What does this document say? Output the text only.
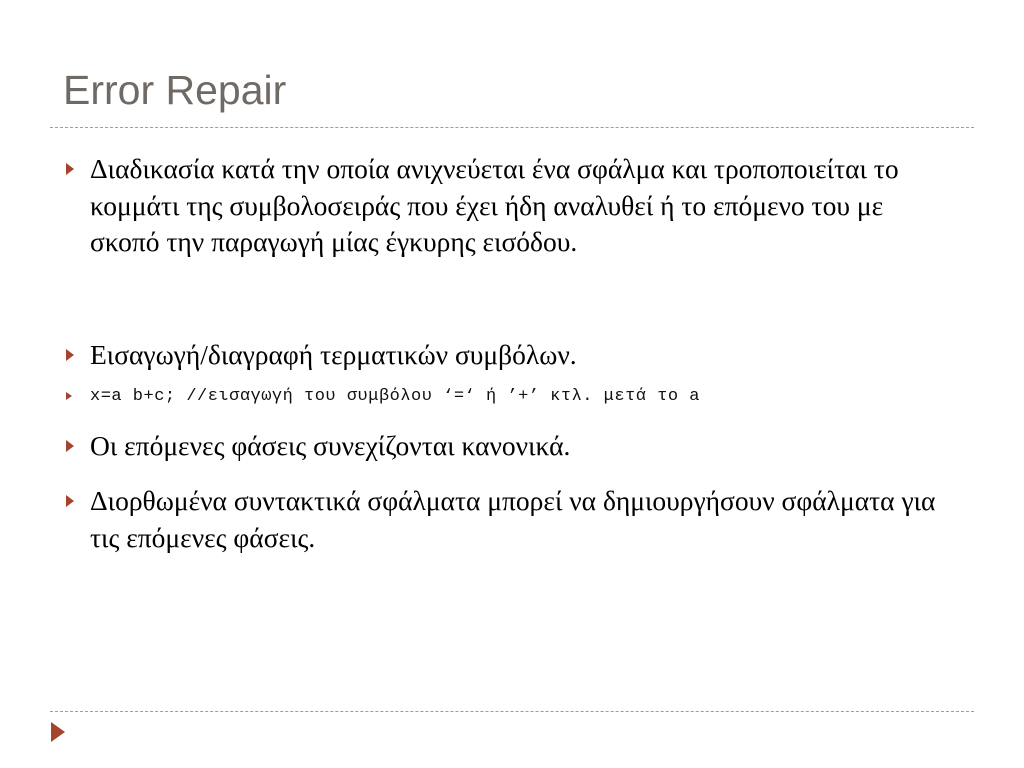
Error Repair
Διαδικασία κατά την οποία ανιχνεύεται ένα σφάλμα και τροποποιείται το κομμάτι της συμβολοσειράς που έχει ήδη αναλυθεί ή το επόμενο του με σκοπό την παραγωγή μίας έγκυρης εισόδου.
Εισαγωγή/διαγραφή τερματικών συμβόλων.
x=a b+c; //εισαγωγή του συμβόλου ‘=‘ ή ’+’ κτλ. μετά το a
Οι επόμενες φάσεις συνεχίζονται κανονικά.
Διορθωμένα συντακτικά σφάλματα μπορεί να δημιουργήσουν σφάλματα για τις επόμενες φάσεις.
